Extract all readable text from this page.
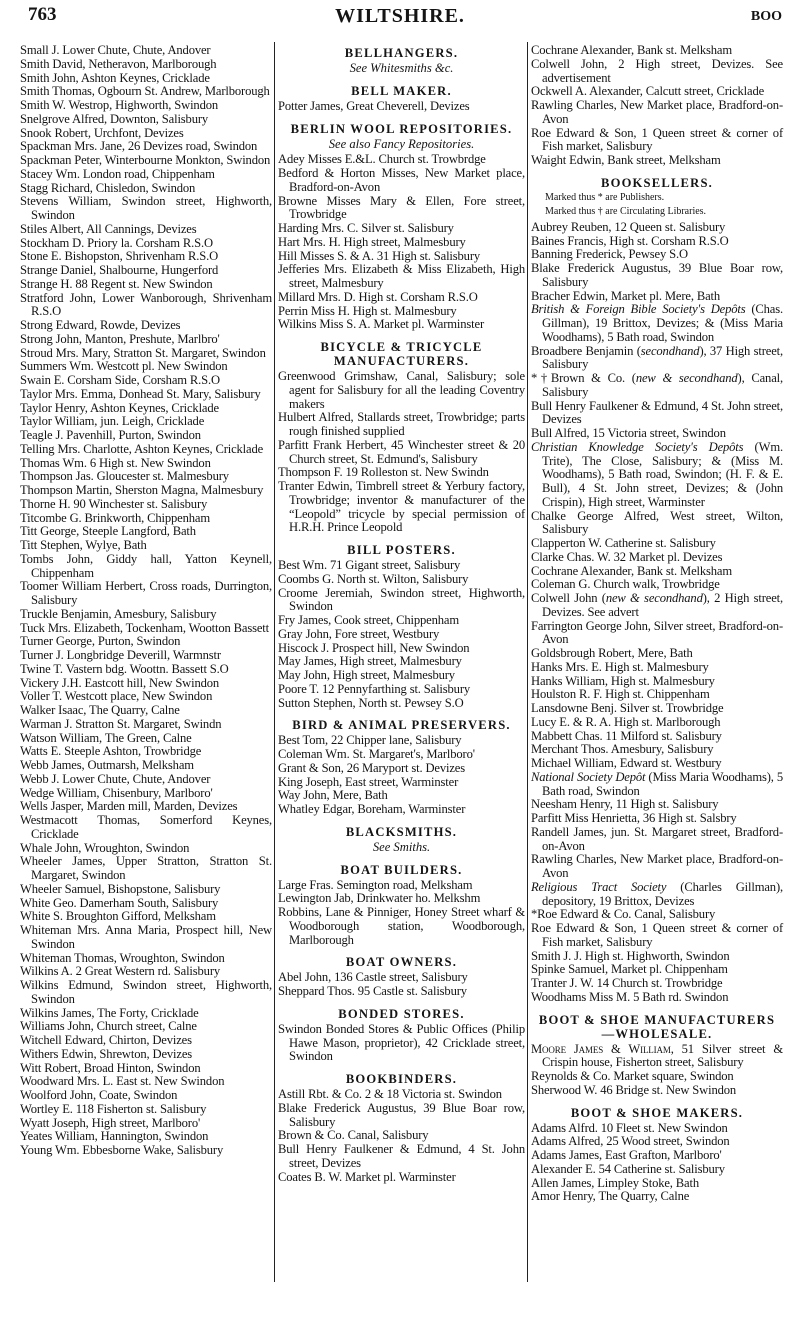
763	WILTSHIRE.	BOO
Small J. Lower Chute, Chute, Andover
Smith David, Netheravon, Marlborough
Smith John, Ashton Keynes, Cricklade
Smith Thomas, Ogbourn St. Andrew, Marlborough
Smith W. Westrop, Highworth, Swindon
Snelgrove Alfred, Downton, Salisbury
Snook Robert, Urchfont, Devizes
Spackman Mrs. Jane, 26 Devizes road, Swindon
Spackman Peter, Winterbourne Monkton, Swindon
Stacey Wm. London road, Chippenham
Stagg Richard, Chisledon, Swindon
Stevens William, Swindon street, Highworth, Swindon
Stiles Albert, All Cannings, Devizes
Stockham D. Priory la. Corsham R.S.O
Stone E. Bishopston, Shrivenham R.S.O
Strange Daniel, Shalbourne, Hungerford
Strange H. 88 Regent st. New Swindon
Stratford John, Lower Wanborough, Shrivenham R.S.O
Strong Edward, Rowde, Devizes
Strong John, Manton, Preshute, Marlbro'
Stroud Mrs. Mary, Stratton St. Margaret, Swindon
Summers Wm. Westcott pl. New Swindon
Swain E. Corsham Side, Corsham R.S.O
Taylor Mrs. Emma, Donhead St. Mary, Salisbury
Taylor Henry, Ashton Keynes, Cricklade
Taylor William, jun. Leigh, Cricklade
Teagle J. Pavenhill, Purton, Swindon
Telling Mrs. Charlotte, Ashton Keynes, Cricklade
Thomas Wm. 6 High st. New Swindon
Thompson Jas. Gloucester st. Malmesbury
Thompson Martin, Sherston Magna, Malmesbury
Thorne H. 90 Winchester st. Salisbury
Titcombe G. Brinkworth, Chippenham
Titt George, Steeple Langford, Bath
Titt Stephen, Wylye, Bath
Tombs John, Giddy hall, Yatton Keynell, Chippenham
Toomer William Herbert, Cross roads, Durrington, Salisbury
Truckle Benjamin, Amesbury, Salisbury
Tuck Mrs. Elizabeth, Tockenham, Wootton Bassett
Turner George, Purton, Swindon
Turner J. Longbridge Deverill, Warmnstr
Twine T. Vastern bdg. Woottn. Bassett S.O
Vickery J.H. Eastcott hill, New Swindon
Voller T. Westcott place, New Swindon
Walker Isaac, The Quarry, Calne
Warman J. Stratton St. Margaret, Swindn
Watson William, The Green, Calne
Watts E. Steeple Ashton, Trowbridge
Webb James, Outmarsh, Melksham
Webb J. Lower Chute, Chute, Andover
Wedge William, Chisenbury, Marlboro'
Wells Jasper, Marden mill, Marden, Devizes
Westmacott Thomas, Somerford Keynes, Cricklade
Whale John, Wroughton, Swindon
Wheeler James, Upper Stratton, Stratton St. Margaret, Swindon
Wheeler Samuel, Bishopstone, Salisbury
White Geo. Damerham South, Salisbury
White S. Broughton Gifford, Melksham
Whiteman Mrs. Anna Maria, Prospect hill, New Swindon
Whiteman Thomas, Wroughton, Swindon
Wilkins A. 2 Great Western rd. Salisbury
Wilkins Edmund, Swindon street, Highworth, Swindon
Wilkins James, The Forty, Cricklade
Williams John, Church street, Calne
Witchell Edward, Chirton, Devizes
Withers Edwin, Shrewton, Devizes
Witt Robert, Broad Hinton, Swindon
Woodward Mrs. L. East st. New Swindon
Woolford John, Coate, Swindon
Wortley E. 118 Fisherton st. Salisbury
Wyatt Joseph, High street, Marlboro'
Yeates William, Hannington, Swindon
Young Wm. Ebbesborne Wake, Salisbury
BELLHANGERS.
See Whitesmiths &c.
BELL MAKER.
Potter James, Great Cheverell, Devizes
BERLIN WOOL REPOSITORIES.
See also Fancy Repositories.
Adey Misses E.&L. Church st. Trowbrdge
Bedford & Horton Misses, New Market place, Bradford-on-Avon
Browne Misses Mary & Ellen, Fore street, Trowbridge
Harding Mrs. C. Silver st. Salisbury
Hart Mrs. H. High street, Malmesbury
Hill Misses S. & A. 31 High st. Salisbury
Jefferies Mrs. Elizabeth & Miss Elizabeth, High street, Malmesbury
Millard Mrs. D. High st. Corsham R.S.O
Perrin Miss H. High st. Malmesbury
Wilkins Miss S. A. Market pl. Warminster
BICYCLE & TRICYCLE MANUFACTURERS.
Greenwood Grimshaw, Canal, Salisbury; sole agent for Salisbury for all the leading Coventry makers
Hulbert Alfred, Stallards street, Trowbridge; parts rough finished supplied
Parfitt Frank Herbert, 45 Winchester street & 20 Church street, St. Edmund's, Salisbury
Thompson F. 19 Rolleston st. New Swindn
Tranter Edwin, Timbrell street & Yerbury factory, Trowbridge; inventor & manufacturer of the “Leopold” tricycle by special permission of H.R.H. Prince Leopold
BILL POSTERS.
Best Wm. 71 Gigant street, Salisbury
Coombs G. North st. Wilton, Salisbury
Croome Jeremiah, Swindon street, Highworth, Swindon
Fry James, Cook street, Chippenham
Gray John, Fore street, Westbury
Hiscock J. Prospect hill, New Swindon
May James, High street, Malmesbury
May John, High street, Malmesbury
Poore T. 12 Pennyfarthing st. Salisbury
Sutton Stephen, North st. Pewsey S.O
BIRD & ANIMAL PRESERVERS.
Best Tom, 22 Chipper lane, Salisbury
Coleman Wm. St. Margaret's, Marlboro'
Grant & Son, 26 Maryport st. Devizes
King Joseph, East street, Warminster
Way John, Mere, Bath
Whatley Edgar, Boreham, Warminster
BLACKSMITHS.
See Smiths.
BOAT BUILDERS.
Large Fras. Semington road, Melksham
Lewington Jab, Drinkwater ho. Melkshm
Robbins, Lane & Pinniger, Honey Street wharf & Woodborough station, Woodborough, Marlborough
BOAT OWNERS.
Abel John, 136 Castle street, Salisbury
Sheppard Thos. 95 Castle st. Salisbury
BONDED STORES.
Swindon Bonded Stores & Public Offices (Philip Hawe Mason, proprietor), 42 Cricklade street, Swindon
BOOKBINDERS.
Astill Rbt. & Co. 2 & 18 Victoria st. Swindon
Blake Frederick Augustus, 39 Blue Boar row, Salisbury
Brown & Co. Canal, Salisbury
Bull Henry Faulkener & Edmund, 4 St. John street, Devizes
Coates B. W. Market pl. Warminster
Cochrane Alexander, Bank st. Melksham
Colwell John, 2 High street, Devizes. See advertisement
Ockwell A. Alexander, Calcutt street, Cricklade
Rawling Charles, New Market place, Bradford-on-Avon
Roe Edward & Son, 1 Queen street & corner of Fish market, Salisbury
Waight Edwin, Bank street, Melksham
BOOKSELLERS.
Marked thus * are Publishers.
Marked thus † are Circulating Libraries.
Aubrey Reuben, 12 Queen st. Salisbury
Baines Francis, High st. Corsham R.S.O
Banning Frederick, Pewsey S.O
Blake Frederick Augustus, 39 Blue Boar row, Salisbury
Bracher Edwin, Market pl. Mere, Bath
British & Foreign Bible Society's Depôts (Chas. Gillman), 19 Brittox, Devizes; & (Miss Maria Woodhams), 5 Bath road, Swindon
Broadbere Benjamin (secondhand), 37 High street, Salisbury
*†Brown & Co. (new & secondhand), Canal, Salisbury
Bull Henry Faulkener & Edmund, 4 St. John street, Devizes
Bull Alfred, 15 Victoria street, Swindon
Christian Knowledge Society's Depôts (Wm. Trite), The Close, Salisbury; & (Miss M. Woodhams), 5 Bath road, Swindon; (H. F. & E. Bull), 4 St. John street, Devizes; & (John Crispin), High street, Warminster
Chalke George Alfred, West street, Wilton, Salisbury
Clapperton W. Catherine st. Salisbury
Clarke Chas. W. 32 Market pl. Devizes
Cochrane Alexander, Bank st. Melksham
Coleman G. Church walk, Trowbridge
Colwell John (new & secondhand), 2 High street, Devizes. See advert
Farrington George John, Silver street, Bradford-on-Avon
Goldsbrough Robert, Mere, Bath
Hanks Mrs. E. High st. Malmesbury
Hanks William, High st. Malmesbury
Houlston R. F. High st. Chippenham
Lansdowne Benj. Silver st. Trowbridge
Lucy E. & R. A. High st. Marlborough
Mabbett Chas. 11 Milford st. Salisbury
Merchant Thos. Amesbury, Salisbury
Michael William, Edward st. Westbury
National Society Depôt (Miss Maria Woodhams), 5 Bath road, Swindon
Neesham Henry, 11 High st. Salisbury
Parfitt Miss Henrietta, 36 High st. Salsbry
Randell James, jun. St. Margaret street, Bradford-on-Avon
Rawling Charles, New Market place, Bradford-on-Avon
Religious Tract Society (Charles Gillman), depository, 19 Brittox, Devizes
*Roe Edward & Co. Canal, Salisbury
Roe Edward & Son, 1 Queen street & corner of Fish market, Salisbury
Smith J. J. High st. Highworth, Swindon
Spinke Samuel, Market pl. Chippenham
Tranter J. W. 14 Church st. Trowbridge
Woodhams Miss M. 5 Bath rd. Swindon
BOOT & SHOE MANUFACTURERS—WHOLESALE.
Moore James & William, 51 Silver street & Crispin house, Fisherton street, Salisbury
Reynolds & Co. Market square, Swindon
Sherwood W. 46 Bridge st. New Swindon
BOOT & SHOE MAKERS.
Adams Alfrd. 10 Fleet st. New Swindon
Adams Alfred, 25 Wood street, Swindon
Adams James, East Grafton, Marlboro'
Alexander E. 54 Catherine st. Salisbury
Allen James, Limpley Stoke, Bath
Amor Henry, The Quarry, Calne
